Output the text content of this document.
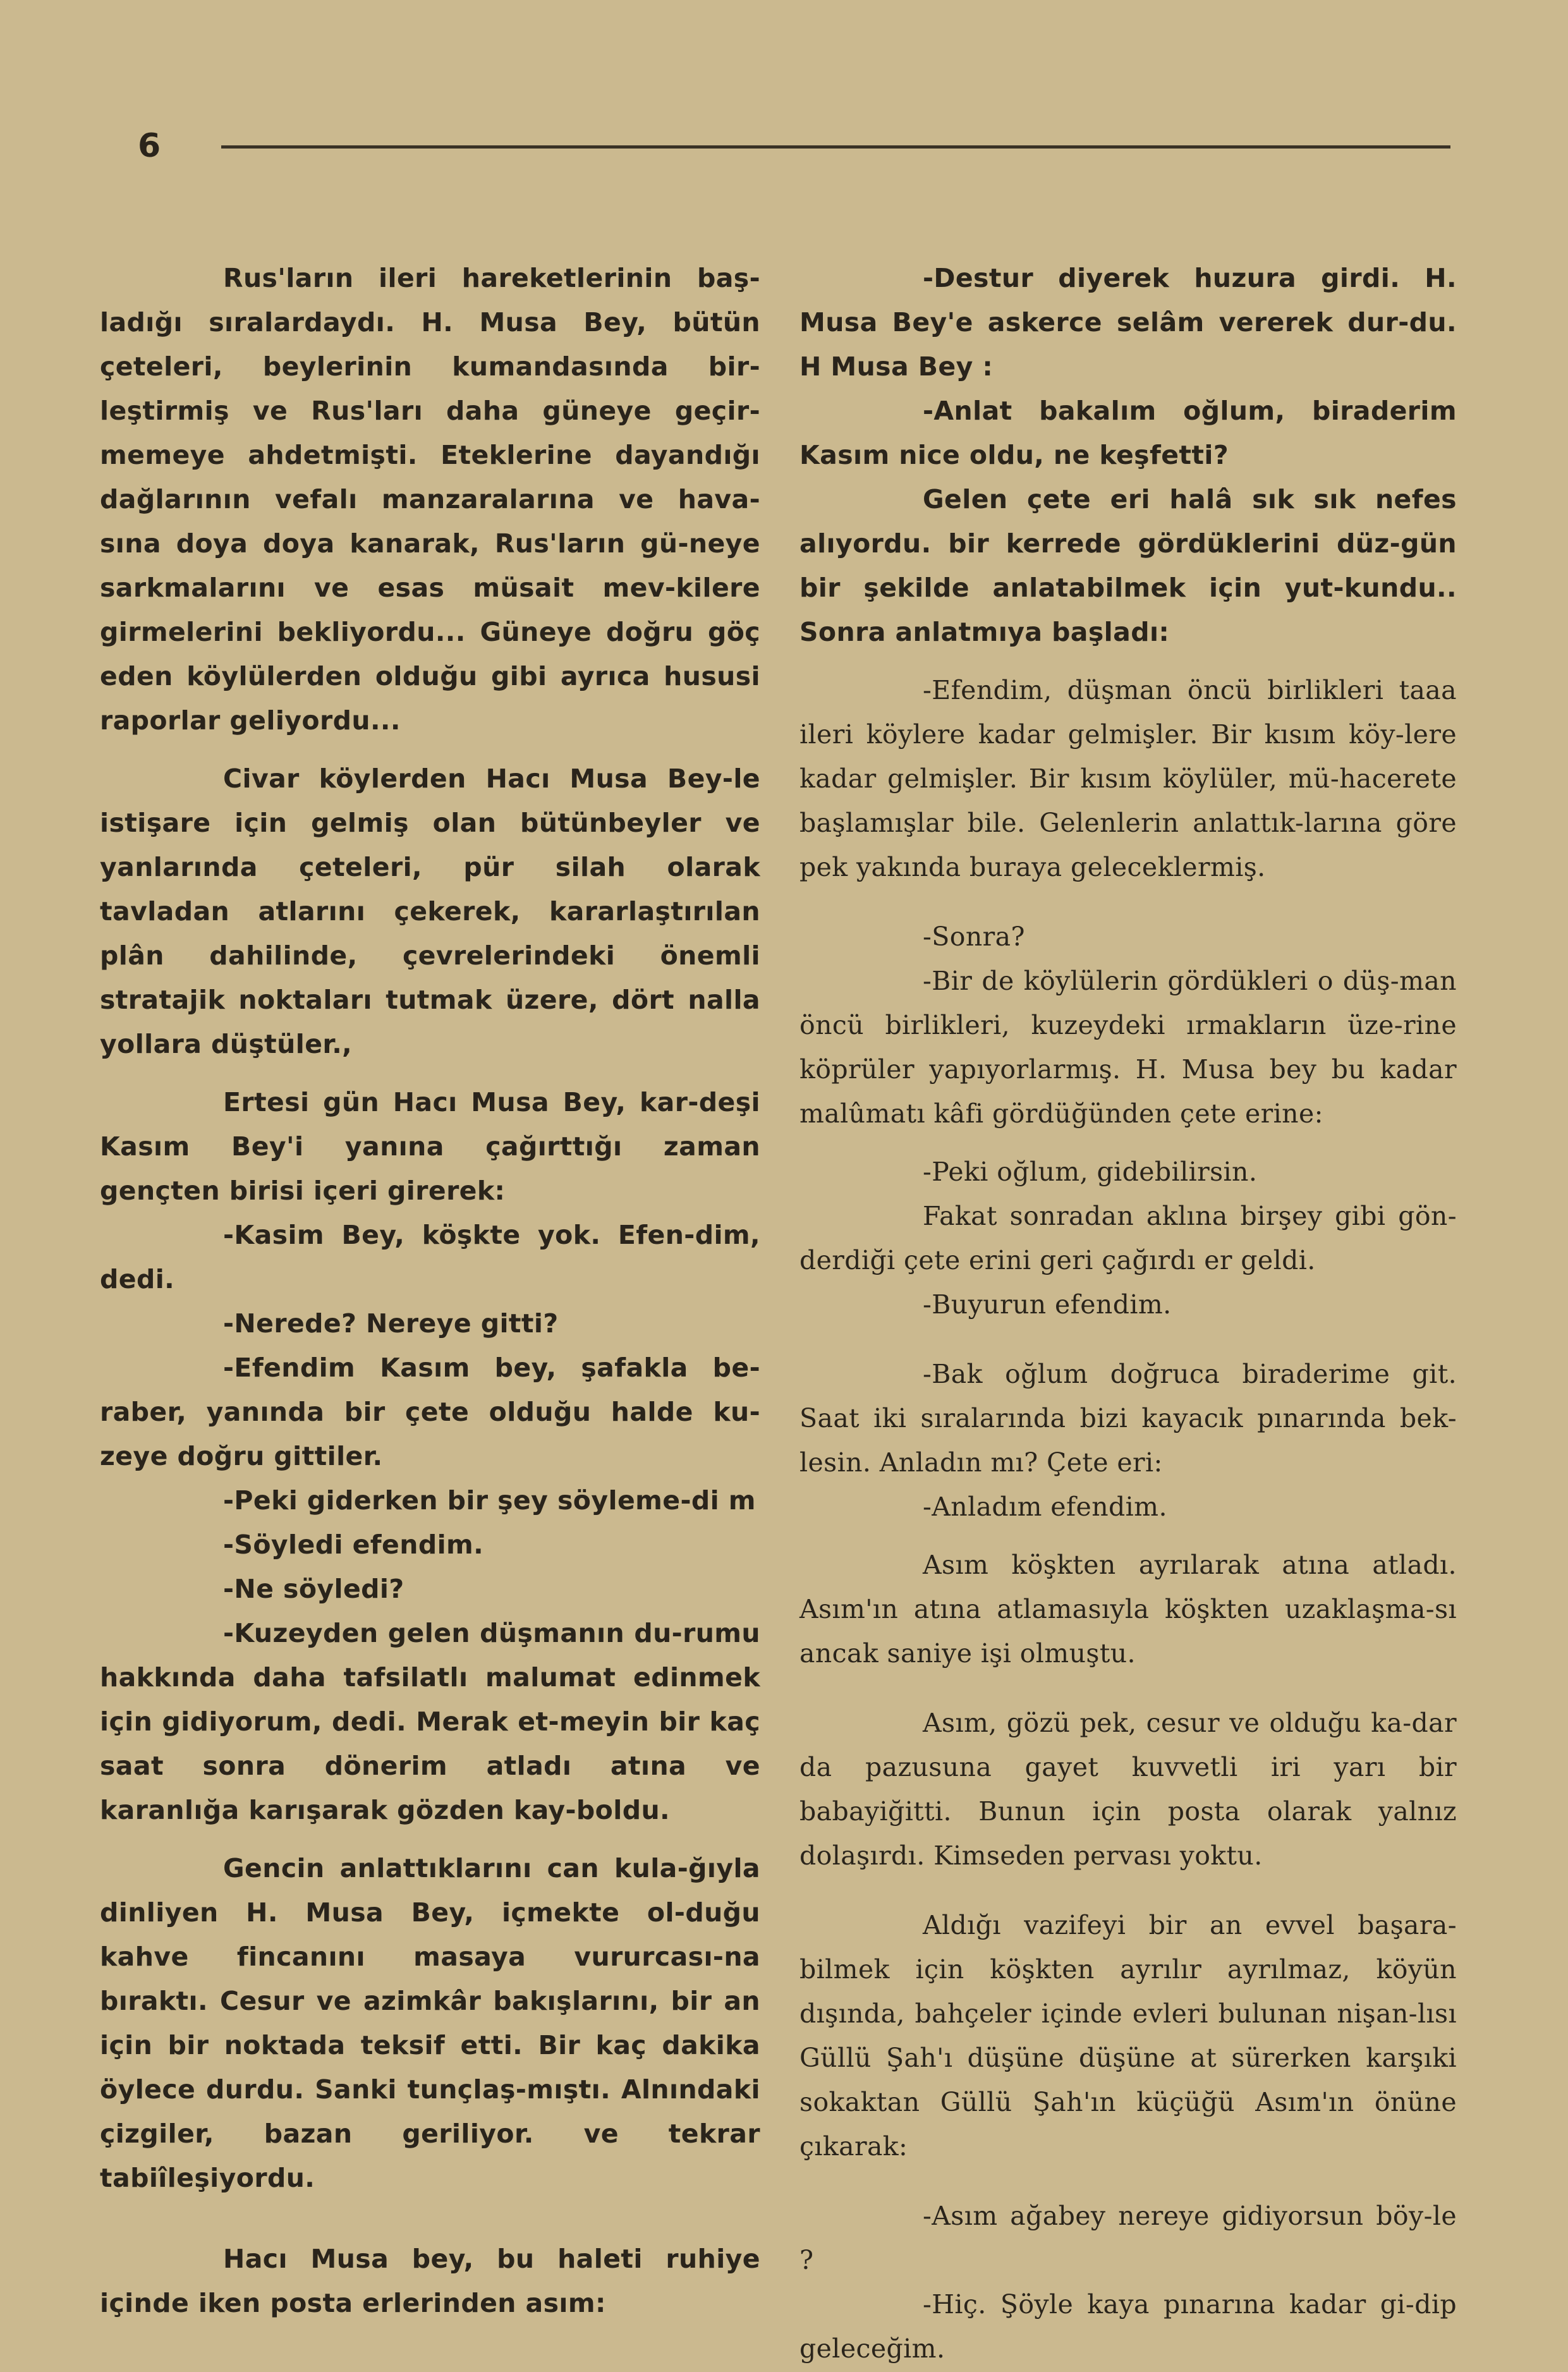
6

Rus'ların ileri hareketlerinin baş-ladığı sıralardaydı. H. Musa Bey, bütün çeteleri, beylerinin kumandasında bir-leştirmiş ve Rus'ları daha güneye geçir-memeye ahdetmişti. Eteklerine dayandığı dağlarının vefalı manzaralarına ve hava-sına doya doya kanarak, Rus'ların gü-neye sarkmalarını ve esas müsait mev-kilere girmelerini bekliyordu... Güneye doğru göç eden köylülerden olduğu gibi ayrıca hususi raporlar geliyordu...

Civar köylerden Hacı Musa Bey-le istişare için gelmiş olan bütünbeyler ve yanlarında çeteleri, pür silah olarak tavladan atlarını çekerek, kararlaştırılan plân dahilinde, çevrelerindeki önemli stratajik noktaları tutmak üzere, dört nalla yollara düştüler.,

Ertesi gün Hacı Musa Bey, kar-deşi Kasım Bey'i yanına çağırttığı zaman gençten birisi içeri girerek:

-Kasim Bey, köşkte yok. Efen-dim, dedi.

-Nerede? Nereye gitti?

-Efendim Kasım bey, şafakla be-raber, yanında bir çete olduğu halde ku-zeye doğru gittiler.

-Peki giderken bir şey söyleme-di m

-Söyledi efendim.

-Ne söyledi?

-Kuzeyden gelen düşmanın du-rumu hakkında daha tafsilatlı malumat edinmek için gidiyorum, dedi. Merak et-meyin bir kaç saat sonra dönerim atladı atına ve karanlığa karışarak gözden kay-boldu.

Gencin anlattıklarını can kula-ğıyla dinliyen H. Musa Bey, içmekte ol-duğu kahve fincanını masaya vururcası-na bıraktı. Cesur ve azimkâr bakışlarını, bir an için bir noktada teksif etti. Bir kaç dakika öylece durdu. Sanki tunçlaş-mıştı. Alnındaki çizgiler, bazan geriliyor. ve tekrar tabiîleşiyordu.

Hacı Musa bey, bu haleti ruhiye içinde iken posta erlerinden asım:

-Destur diyerek huzura girdi. H. Musa Bey'e askerce selâm vererek dur-du. H Musa Bey :

-Anlat bakalım oğlum, biraderim Kasım nice oldu, ne keşfetti?

Gelen çete eri halâ sık sık nefes alıyordu. bir kerrede gördüklerini düz-gün bir şekilde anlatabilmek için yut-kundu.. Sonra anlatmıya başladı:

-Efendim, düşman öncü birlikleri taaa ileri köylere kadar gelmişler. Bir kısım köy-lere kadar gelmişler. Bir kısım köylüler, mü-hacerete başlamışlar bile. Gelenlerin anlattık-larına göre pek yakında buraya geleceklermiş.

-Sonra?

-Bir de köylülerin gördükleri o düş-man öncü birlikleri, kuzeydeki ırmakların üze-rine köprüler yapıyorlarmış. H. Musa bey bu kadar malûmatı kâfi gördüğünden çete erine:

-Peki oğlum, gidebilirsin.

Fakat sonradan aklına birşey gibi gön-derdiği çete erini geri çağırdı er geldi.

-Buyurun efendim.

-Bak oğlum doğruca biraderime git. Saat iki sıralarında bizi kayacık pınarında bek-lesin. Anladın mı? Çete eri:

-Anladım efendim.

Asım köşkten ayrılarak atına atladı. Asım'ın atına atlamasıyla köşkten uzaklaşma-sı ancak saniye işi olmuştu.

Asım, gözü pek, cesur ve olduğu ka-dar da pazusuna gayet kuvvetli iri yarı bir babayiğitti. Bunun için posta olarak yalnız dolaşırdı. Kimseden pervası yoktu.

Aldığı vazifeyi bir an evvel başara-bilmek için köşkten ayrılır ayrılmaz, köyün dışında, bahçeler içinde evleri bulunan nişan-lısı Güllü Şah'ı düşüne düşüne at sürerken karşıki sokaktan Güllü Şah'ın küçüğü Asım'ın önüne çıkarak:

-Asım ağabey nereye gidiyorsun böy-le ?

-Hiç. Şöyle kaya pınarına kadar gi-dip geleceğim.
